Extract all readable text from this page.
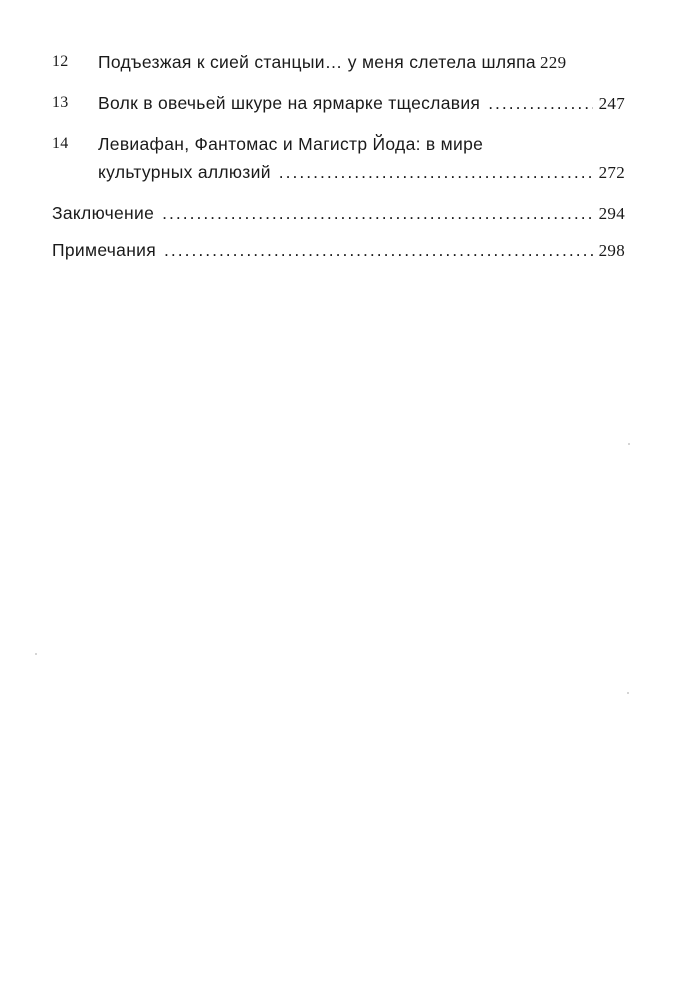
12	Подъезжая к сией станцыи… у меня слетела шляпа 229
13	Волк в овечьей шкуре на ярмарке тщеславия .....	247
14	Левиафан, Фантомас и Магистр Йода: в мире
культурных аллюзий .....	272
Заключение .....	294
Примечания .....	298
